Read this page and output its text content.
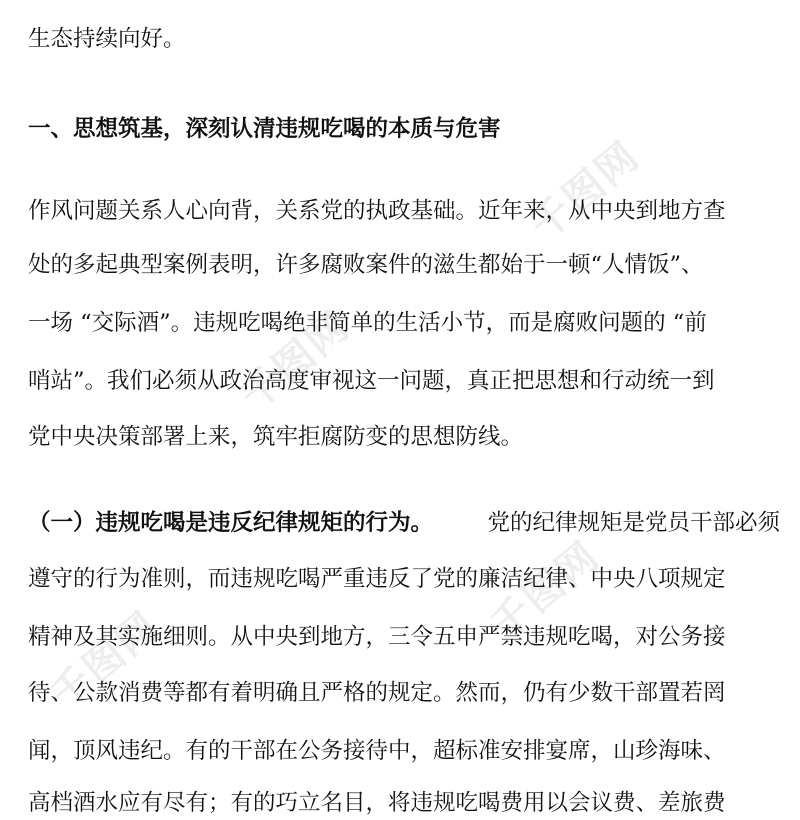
千图网
千图网
千图网
千图网
生态持续向好。
一、思想筑基，深刻认清违规吃喝的本质与危害
作风问题关系人心向背，关系党的执政基础。近年来，从中央到地方查
处的多起典型案例表明，许多腐败案件的滋生都始于一顿“人情饭”、
一场 “交际酒”。违规吃喝绝非简单的生活小节，而是腐败问题的 “前
哨站”。我们必须从政治高度审视这一问题，真正把思想和行动统一到
党中央决策部署上来，筑牢拒腐防变的思想防线。
（一）违规吃喝是违反纪律规矩的行为。 党的纪律规矩是党员干部必须
遵守的行为准则，而违规吃喝严重违反了党的廉洁纪律、中央八项规定
精神及其实施细则。从中央到地方，三令五申严禁违规吃喝，对公务接
待、公款消费等都有着明确且严格的规定。然而，仍有少数干部置若罔
闻，顶风违纪。有的干部在公务接待中，超标准安排宴席，山珍海味、
高档酒水应有尽有；有的巧立名目，将违规吃喝费用以会议费、差旅费
